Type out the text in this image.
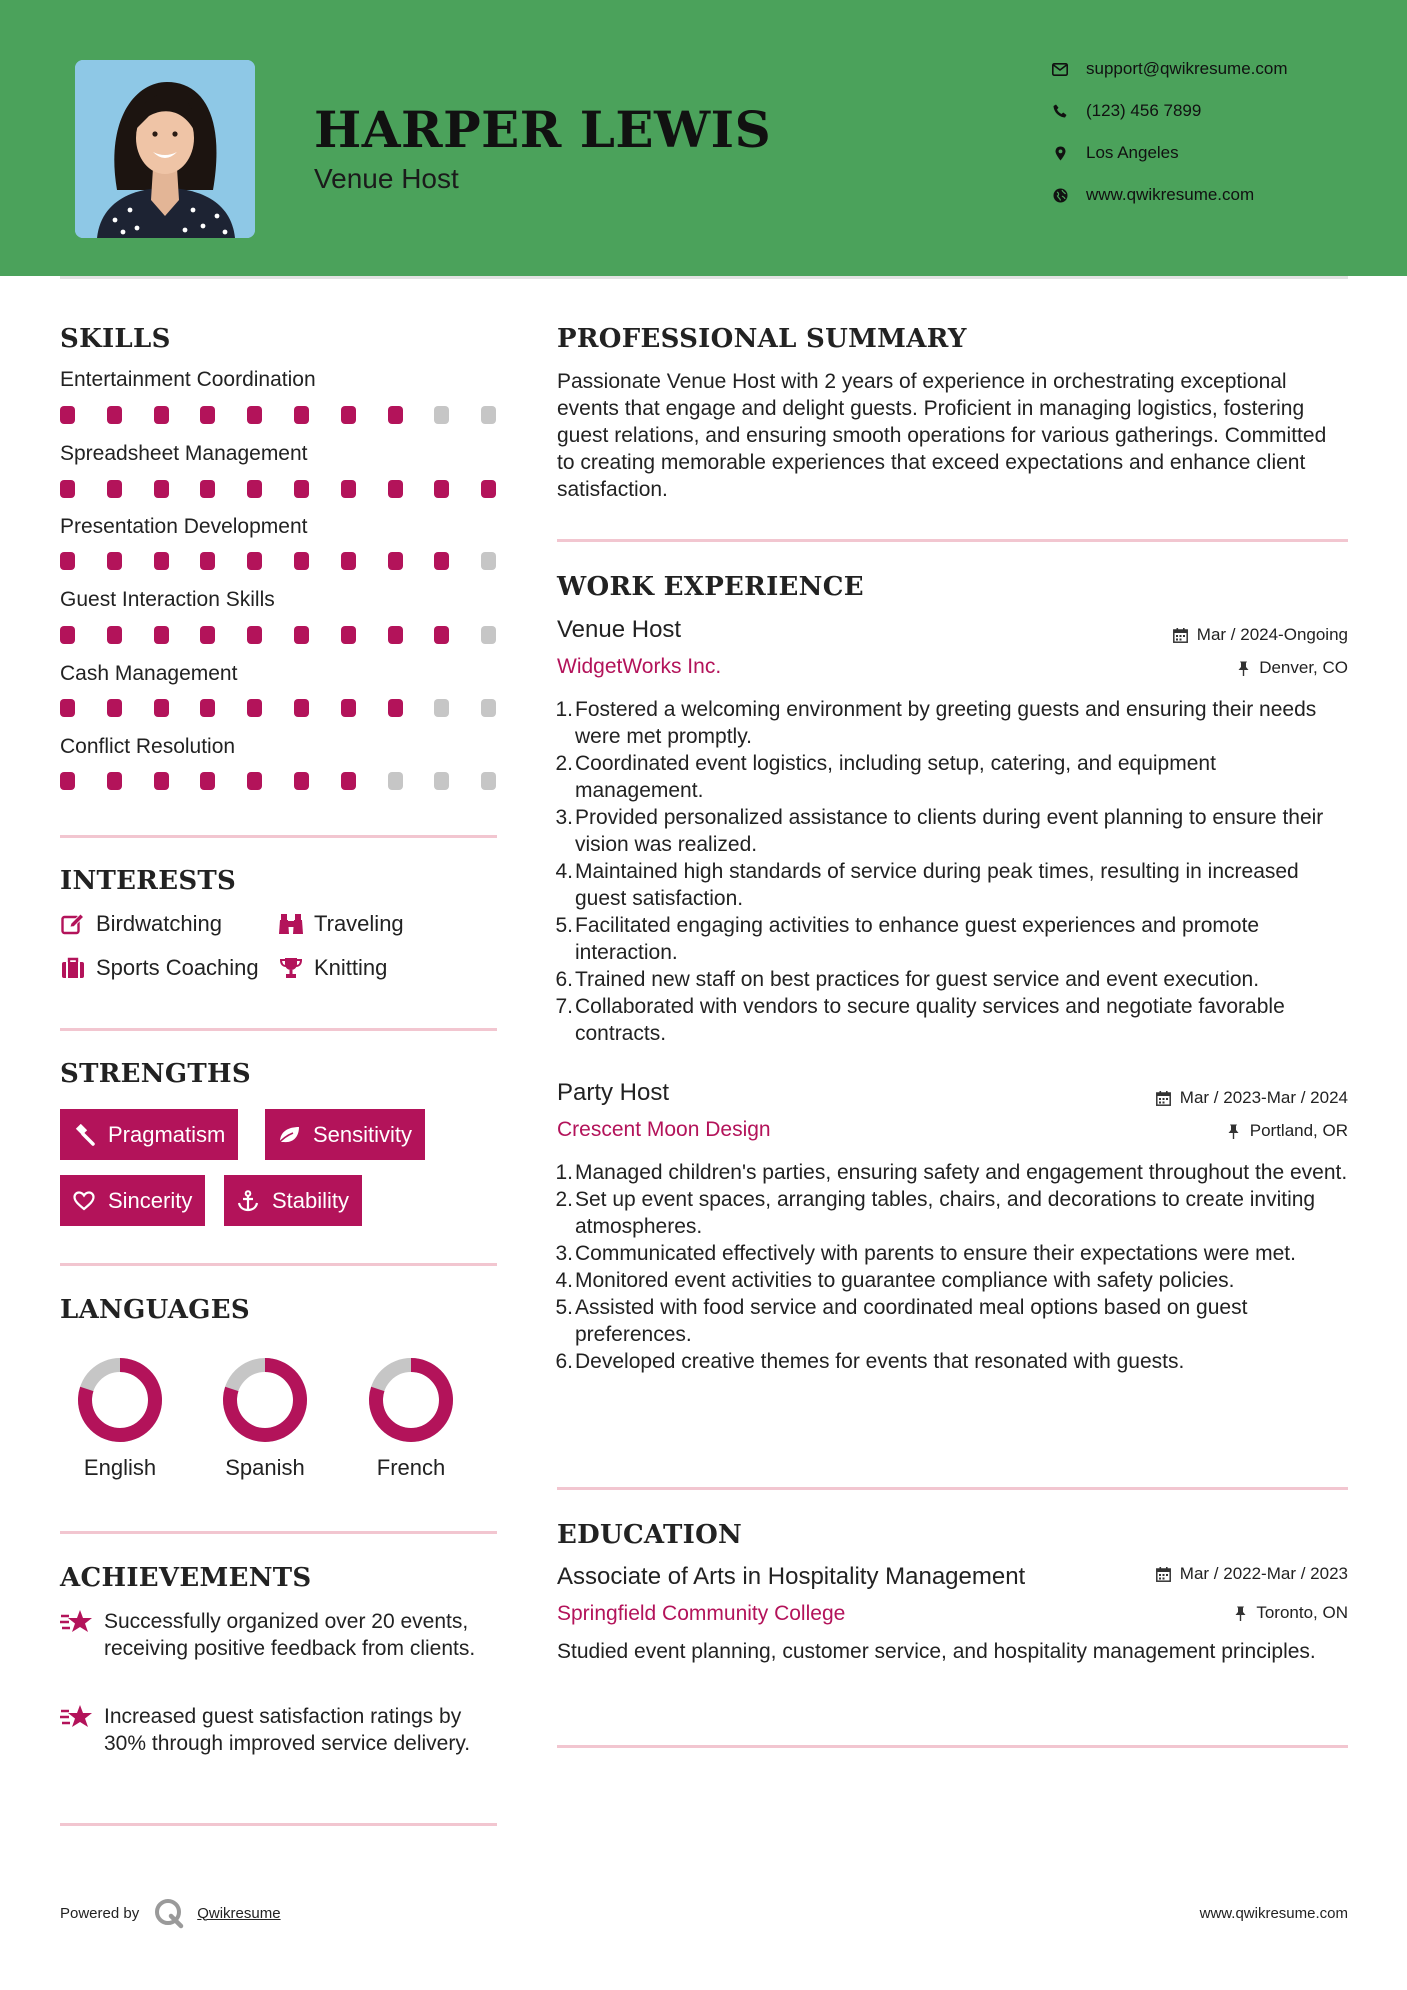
HARPER LEWIS
Venue Host
support@qwikresume.com
(123) 456 7899
Los Angeles
www.qwikresume.com
SKILLS
Entertainment Coordination
Spreadsheet Management
Presentation Development
Guest Interaction Skills
Cash Management
Conflict Resolution
INTERESTS
Birdwatching	Traveling
Sports Coaching	Knitting
STRENGTHS
Pragmatism	Sensitivity
Sincerity	Stability
LANGUAGES
English	Spanish	French
ACHIEVEMENTS
Successfully organized over 20 events, receiving positive feedback from clients.
Increased guest satisfaction ratings by 30% through improved service delivery.
PROFESSIONAL SUMMARY
Passionate Venue Host with 2 years of experience in orchestrating exceptional events that engage and delight guests. Proficient in managing logistics, fostering guest relations, and ensuring smooth operations for various gatherings. Committed to creating memorable experiences that exceed expectations and enhance client satisfaction.
WORK EXPERIENCE
Venue Host	Mar / 2024-Ongoing
WidgetWorks Inc.	Denver, CO
1. Fostered a welcoming environment by greeting guests and ensuring their needs were met promptly.
2. Coordinated event logistics, including setup, catering, and equipment management.
3. Provided personalized assistance to clients during event planning to ensure their vision was realized.
4. Maintained high standards of service during peak times, resulting in increased guest satisfaction.
5. Facilitated engaging activities to enhance guest experiences and promote interaction.
6. Trained new staff on best practices for guest service and event execution.
7. Collaborated with vendors to secure quality services and negotiate favorable contracts.
Party Host	Mar / 2023-Mar / 2024
Crescent Moon Design	Portland, OR
1. Managed children's parties, ensuring safety and engagement throughout the event.
2. Set up event spaces, arranging tables, chairs, and decorations to create inviting atmospheres.
3. Communicated effectively with parents to ensure their expectations were met.
4. Monitored event activities to guarantee compliance with safety policies.
5. Assisted with food service and coordinated meal options based on guest preferences.
6. Developed creative themes for events that resonated with guests.
EDUCATION
Associate of Arts in Hospitality Management	Mar / 2022-Mar / 2023
Springfield Community College	Toronto, ON
Studied event planning, customer service, and hospitality management principles.
Powered by	Qwikresume	www.qwikresume.com
